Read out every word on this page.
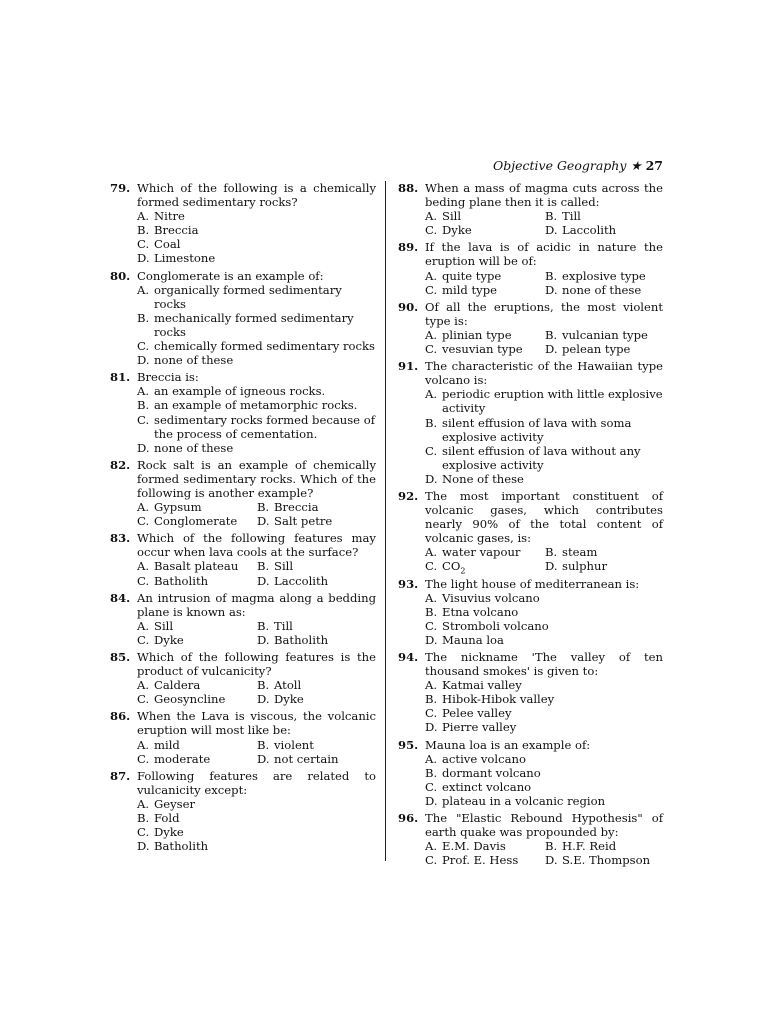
Objective Geography ★ 27
79. Which of the following is a chemically formed sedimentary rocks?
A. Nitre
B. Breccia
C. Coal
D. Limestone
80. Conglomerate is an example of:
A. organically formed sedimentary rocks
B. mechanically formed sedimentary rocks
C. chemically formed sedimentary rocks
D. none of these
81. Breccia is:
A. an example of igneous rocks.
B. an example of metamorphic rocks.
C. sedimentary rocks formed because of the process of cementation.
D. none of these
82. Rock salt is an example of chemically formed sedimentary rocks. Which of the following is another example?
A. Gypsum	B. Breccia
C. Conglomerate	D. Salt petre
83. Which of the following features may occur when lava cools at the surface?
A. Basalt plateau	B. Sill
C. Batholith	D. Laccolith
84. An intrusion of magma along a bedding plane is known as:
A. Sill	B. Till
C. Dyke	D. Batholith
85. Which of the following features is the product of vulcanicity?
A. Caldera	B. Atoll
C. Geosyncline	D. Dyke
86. When the Lava is viscous, the volcanic eruption will most like be:
A. mild	B. violent
C. moderate	D. not certain
87. Following features are related to vulcanicity except:
A. Geyser
B. Fold
C. Dyke
D. Batholith
88. When a mass of magma cuts across the beding plane then it is called:
A. Sill	B. Till
C. Dyke	D. Laccolith
89. If the lava is of acidic in nature the eruption will be of:
A. quite type	B. explosive type
C. mild type	D. none of these
90. Of all the eruptions, the most violent type is:
A. plinian type	B. vulcanian type
C. vesuvian type	D. pelean type
91. The characteristic of the Hawaiian type volcano is:
A. periodic eruption with little explosive activity
B. silent effusion of lava with soma explosive activity
C. silent effusion of lava without any explosive activity
D. None of these
92. The most important constituent of volcanic gases, which contributes nearly 90% of the total content of volcanic gases, is:
A. water vapour	B. steam
C. $CO_2$	D. sulphur
93. The light house of mediterranean is:
A. Visuvius volcano
B. Etna volcano
C. Stromboli volcano
D. Mauna loa
94. The nickname 'The valley of ten thousand smokes' is given to:
A. Katmai valley
B. Hibok-Hibok valley
C. Pelee valley
D. Pierre valley
95. Mauna loa is an example of:
A. active volcano
B. dormant volcano
C. extinct volcano
D. plateau in a volcanic region
96. The "Elastic Rebound Hypothesis" of earth quake was propounded by:
A. E.M. Davis	B. H.F. Reid
C. Prof. E. Hess	D. S.E. Thompson
